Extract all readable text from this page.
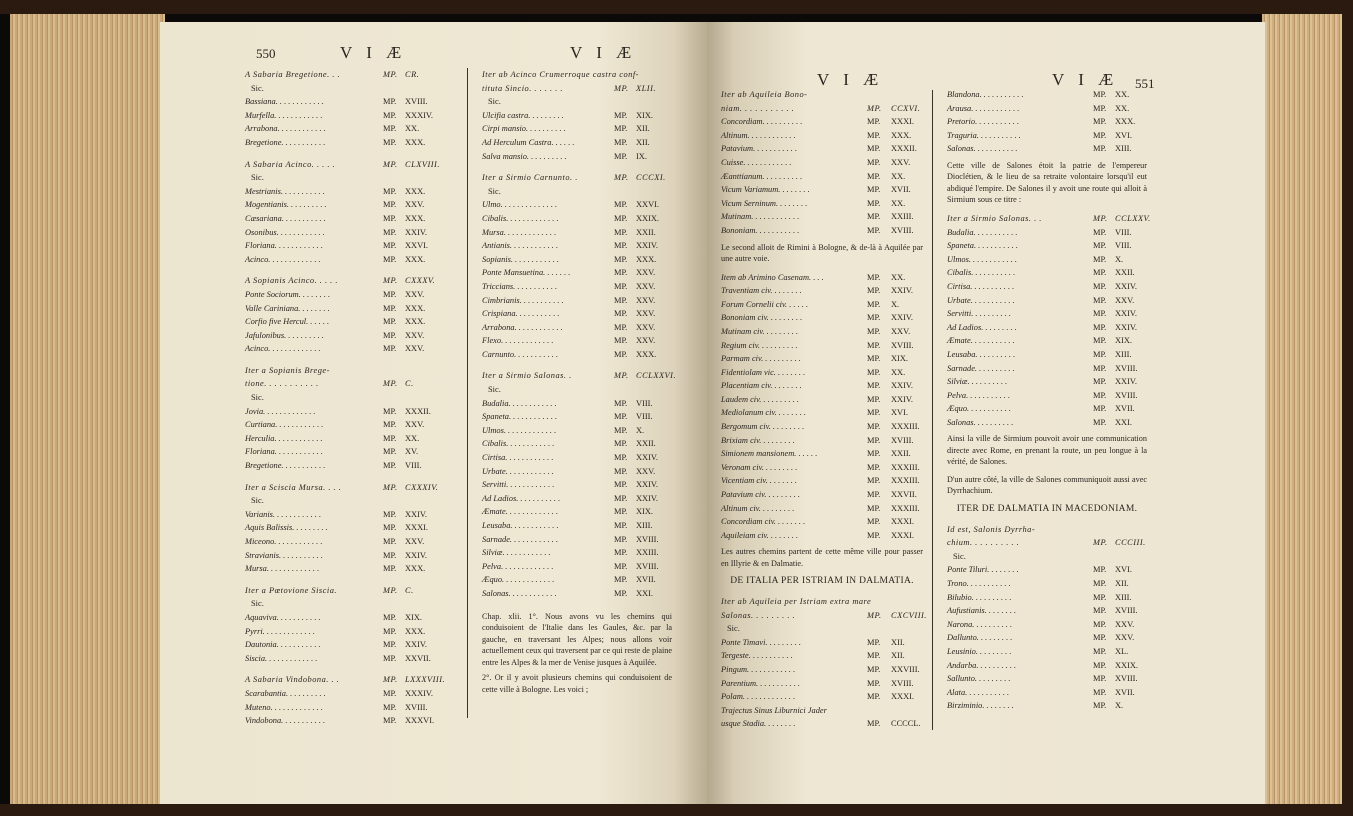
550	V I Æ	V I Æ
A Sabaria Bregetione. . .	MP. CR.
Sic.
Bassiana. . . . . . . . . . . .	MP. XVIII.
Murfella. . . . . . . . . . . .	MP. XXXIV.
Arrabona. . . . . . . . . . . .	MP. XX.
Bregetione. . . . . . . . . . .	MP. XXX.
A Sabaria Acinco. . . . .	MP. CLXVIII.
Sic.
Mestrianis. . . . . . . . . . .	MP. XXX.
Mogentianis. . . . . . . . . .	MP. XXV.
Cæsariana. . . . . . . . . . .	MP. XXX.
Osonibus. . . . . . . . . . . .	MP. XXIV.
Floriana. . . . . . . . . . . .	MP. XXVI.
Acinco. . . . . . . . . . . . .	MP. XXX.
A Sopianis Acinco. . . . .	MP. CXXXV.
Ponte Sociorum. . . . . . . .	MP. XXV.
Valle Cariniana. . . . . . . .	MP. XXX.
Corfio five Hercul. . . . . .	MP. XXX.
Jafulonibus. . . . . . . . . .	MP. XXV.
Acinco. . . . . . . . . . . . .	MP. XXV.
Iter a Sopianis Brege-
tione. . . . . . . . . . .	MP. C.
Sic.
Jovia. . . . . . . . . . . . .	MP. XXXII.
Curtiana. . . . . . . . . . . .	MP. XXV.
Herculia. . . . . . . . . . . .	MP. XX.
Floriana. . . . . . . . . . . .	MP. XV.
Bregetione. . . . . . . . . . .	MP. VIII.
Iter a Sciscia Mursa. . . .	MP. CXXXIV.
Sic.
Varianis. . . . . . . . . . . .	MP. XXIV.
Aquis Balissis. . . . . . . . .	MP. XXXI.
Miceono. . . . . . . . . . . .	MP. XXV.
Stravianis. . . . . . . . . . .	MP. XXIV.
Mursa. . . . . . . . . . . . .	MP. XXX.
Iter a Pœtovione Siscia.	MP. C.
Sic.
Aquaviva. . . . . . . . . . .	MP. XIX.
Pyrri. . . . . . . . . . . . .	MP. XXX.
Dautonia. . . . . . . . . . .	MP. XXIV.
Siscia. . . . . . . . . . . . .	MP. XXVII.
A Sabaria Vindobona. . .	MP. LXXXVIII.
Scarabantia. . . . . . . . . .	MP. XXXIV.
Muteno. . . . . . . . . . . . .	MP. XVIII.
Vindobona. . . . . . . . . . .	MP. XXXVI.
Iter ab Acinco Crumerroque castra conf-
tituta Sincio. . . . . . .	MP. XLII.
Sic.
Ulcifia castra. . . . . . . . .	MP. XIX.
Cirpi mansio. . . . . . . . . .	MP. XII.
Ad Herculum Castra. . . . . .	MP. XII.
Salva mansio. . . . . . . . . .	MP. IX.
Iter a Sirmio Carnunto. .	MP. CCCXI.
Sic.
Ulmo. . . . . . . . . . . . . .	MP. XXVI.
Cibalis. . . . . . . . . . . . .	MP. XXIX.
Mursa. . . . . . . . . . . . .	MP. XXII.
Antianis. . . . . . . . . . . .	MP. XXIV.
Sopianis. . . . . . . . . . . .	MP. XXX.
Ponte Mansuetina. . . . . . .	MP. XXV.
Triccians. . . . . . . . . . .	MP. XXV.
Cimbrianis. . . . . . . . . . .	MP. XXV.
Crispiana. . . . . . . . . . .	MP. XXV.
Arrabona. . . . . . . . . . . .	MP. XXV.
Flexo. . . . . . . . . . . . .	MP. XXV.
Carnunto. . . . . . . . . . .	MP. XXX.
Iter a Sirmio Salonas. .	MP. CCLXXVI.
Sic.
Budalia. . . . . . . . . . . .	MP. VIII.
Spaneta. . . . . . . . . . . .	MP. VIII.
Ulmos. . . . . . . . . . . . .	MP. X.
Cibalis. . . . . . . . . . . .	MP. XXII.
Cirtisa. . . . . . . . . . . .	MP. XXIV.
Urbate. . . . . . . . . . . .	MP. XXV.
Servitti. . . . . . . . . . . .	MP. XXIV.
Ad Ladios. . . . . . . . . . .	MP. XXIV.
Æmate. . . . . . . . . . . . .	MP. XIX.
Leusaba. . . . . . . . . . . .	MP. XIII.
Sarnade. . . . . . . . . . . .	MP. XVIII.
Silviæ. . . . . . . . . . . .	MP. XXIII.
Pelva. . . . . . . . . . . . .	MP. XVIII.
Æquo. . . . . . . . . . . . .	MP. XVII.
Salonas. . . . . . . . . . . .	MP. XXI.
Chap. xlii. 1°. Nous avons vu les chemins qui conduisoient de l'Italie dans les Gaules, &c. par la gauche, en traversant les Alpes; nous allons voir actuellement ceux qui traversent par ce qui reste de plaine entre les Alpes & la mer de Venise jusques à Aquilée.
2°. Or il y avoit plusieurs chemins qui conduisoient de cette ville à Bologne. Les voici ;
551
V I Æ	V I Æ
Iter ab Aquileia Bono-
niam. . . . . . . . . . .	MP. CCXVI.
Concordiam. . . . . . . . . .	MP. XXXI.
Altinum. . . . . . . . . . . .	MP. XXX.
Patavium. . . . . . . . . . .	MP. XXXII.
Cuisse. . . . . . . . . . . .	MP. XXV.
Æanttianum. . . . . . . . . .	MP. XX.
Vicum Variamum. . . . . . . .	MP. XVII.
Vicum Serninum. . . . . . . .	MP. XX.
Mutinam. . . . . . . . . . . .	MP. XXIII.
Bononiam. . . . . . . . . . .	MP. XVIII.
Le second alloit de Rimini à Bologne, & de-là à Aquilée par une autre voie.
Item ab Arimino Casenam. . . .	MP. XX.
Traventiam civ. . . . . . . .	MP. XXIV.
Forum Cornelii civ. . . . . .	MP. X.
Bononiam civ. . . . . . . . .	MP. XXIV.
Mutinam civ. . . . . . . . .	MP. XXV.
Regium civ. . . . . . . . . .	MP. XVIII.
Parmam civ. . . . . . . . . .	MP. XIX.
Fidentiolam vic. . . . . . . .	MP. XX.
Placentiam civ. . . . . . . .	MP. XXIV.
Laudem civ. . . . . . . . . .	MP. XXIV.
Mediolanum civ. . . . . . . .	MP. XVI.
Bergomum civ. . . . . . . . .	MP. XXXIII.
Brixiam civ. . . . . . . . .	MP. XVIII.
Simionem mansionem. . . . . .	MP. XXII.
Veronam civ. . . . . . . . .	MP. XXXIII.
Vicentiam civ. . . . . . . .	MP. XXXIII.
Patavium civ. . . . . . . . .	MP. XXVII.
Altinum civ. . . . . . . . .	MP. XXXIII.
Concordiam civ. . . . . . . .	MP. XXXI.
Aquileiam civ. . . . . . . .	MP. XXXI.
Les autres chemins partent de cette même ville pour passer en Illyrie & en Dalmatie.
DE ITALIA PER ISTRIAM IN DALMATIA.
Iter ab Aquileia per Istriam extra mare
Salonas. . . . . . . . .	MP. CXCVIII.
Sic.
Ponte Timavi. . . . . . . . .	MP. XII.
Tergeste. . . . . . . . . . .	MP. XII.
Pingum. . . . . . . . . . . .	MP. XXVIII.
Parentium. . . . . . . . . . .	MP. XVIII.
Polam. . . . . . . . . . . . .	MP. XXXI.
Trajectus Sinus Liburnici Jader
usque Stadia. . . . . . . .	MP. CCCCL.
Blandona. . . . . . . . . . .	MP. XX.
Arausa. . . . . . . . . . . .	MP. XX.
Pretorio. . . . . . . . . . .	MP. XXX.
Traguria. . . . . . . . . . .	MP. XVI.
Salonas. . . . . . . . . . .	MP. XIII.
Cette ville de Salones étoit la patrie de l'empereur Dioclétien, & le lieu de sa retraite volontaire lorsqu'il eut abdiqué l'empire. De Salones il y avoit une route qui alloit à Sirmium sous ce titre :
Iter a Sirmio Salonas. . .	MP. CCLXXV.
Budalia. . . . . . . . . . .	MP. VIII.
Spaneta. . . . . . . . . . .	MP. VIII.
Ulmos. . . . . . . . . . . .	MP. X.
Cibalis. . . . . . . . . . .	MP. XXII.
Cirtisa. . . . . . . . . . .	MP. XXIV.
Urbate. . . . . . . . . . .	MP. XXV.
Servitti. . . . . . . . . .	MP. XXIV.
Ad Ladios. . . . . . . . .	MP. XXIV.
Æmate. . . . . . . . . . .	MP. XIX.
Leusaba. . . . . . . . . .	MP. XIII.
Sarnade. . . . . . . . . .	MP. XVIII.
Silviæ. . . . . . . . . .	MP. XXIV.
Pelva. . . . . . . . . . .	MP. XVIII.
Æquo. . . . . . . . . . .	MP. XVII.
Salonas. . . . . . . . . .	MP. XXI.
Ainsi la ville de Sirmium pouvoit avoir une communication directe avec Rome, en prenant la route, un peu longue à la vérité, de Salones.
D'un autre côté, la ville de Salones communiquoit aussi avec Dyrrhachium.
ITER DE DALMATIA IN MACEDONIAM.
Id est, Salonis Dyrrha-
chium. . . . . . . . . .	MP. CCCIII.
Sic.
Ponte Tiluri. . . . . . . .	MP. XVI.
Trono. . . . . . . . . . .	MP. XII.
Bilubio. . . . . . . . . .	MP. XIII.
Aufustianis. . . . . . . .	MP. XVIII.
Narona. . . . . . . . . .	MP. XXV.
Dallunto. . . . . . . . .	MP. XXV.
Leusinio. . . . . . . . .	MP. XL.
Andarba. . . . . . . . . .	MP. XXIX.
Sallunto. . . . . . . . .	MP. XVIII.
Alata. . . . . . . . . . .	MP. XVII.
Birziminio. . . . . . . .	MP. X.
